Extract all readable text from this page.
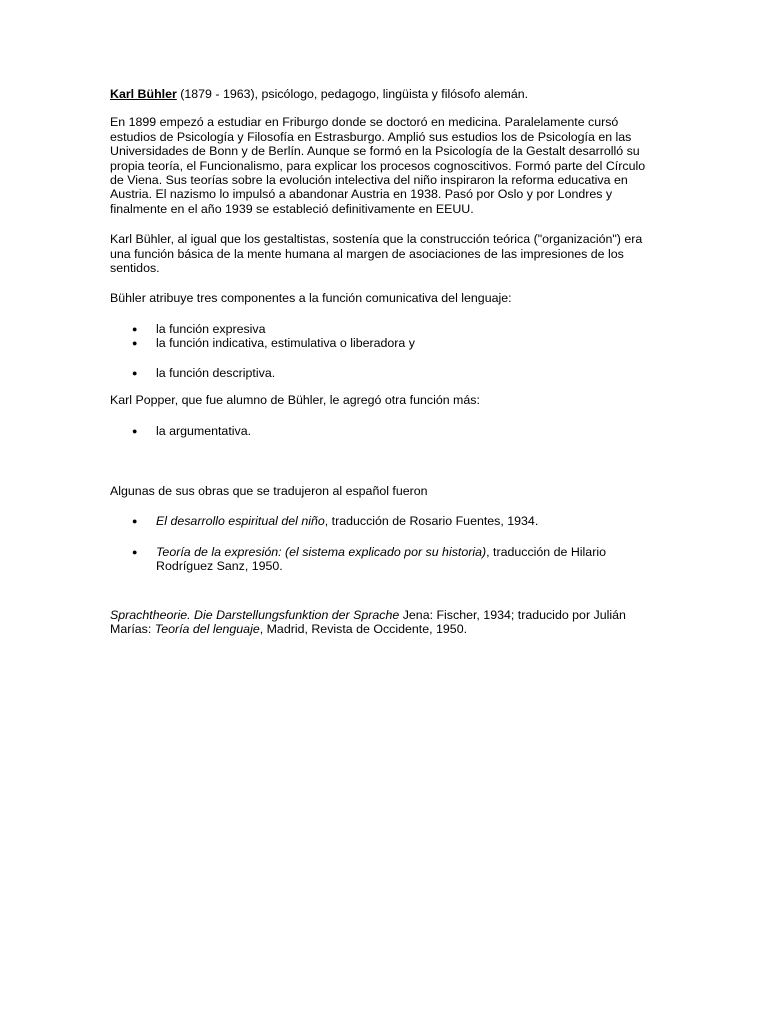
Karl Bühler (1879 - 1963), psicólogo, pedagogo, lingüista y filósofo alemán.

En 1899 empezó a estudiar en Friburgo donde se doctoró en medicina. Paralelamente cursó estudios de Psicología y Filosofía en Estrasburgo. Amplió sus estudios los de Psicología en las Universidades de Bonn y de Berlín. Aunque se formó en la Psicología de la Gestalt desarrolló su propia teoría, el Funcionalismo, para explicar los procesos cognoscitivos. Formó parte del Círculo de Viena. Sus teorías sobre la evolución intelectiva del niño inspiraron la reforma educativa en Austria. El nazismo lo impulsó a abandonar Austria en 1938. Pasó por Oslo y por Londres y finalmente en el año 1939 se estableció definitivamente en EEUU.

Karl Bühler, al igual que los gestaltistas, sostenía que la construcción teórica ("organización") era una función básica de la mente humana al margen de asociaciones de las impresiones de los sentidos.

Bühler atribuye tres componentes a la función comunicativa del lenguaje:

● la función expresiva
● la función indicativa, estimulativa o liberadora y
● la función descriptiva.

Karl Popper, que fue alumno de Bühler, le agregó otra función más:

● la argumentativa.

Algunas de sus obras que se tradujeron al español fueron

● El desarrollo espiritual del niño, traducción de Rosario Fuentes, 1934.
● Teoría de la expresión: (el sistema explicado por su historia), traducción de Hilario Rodríguez Sanz, 1950.

Sprachtheorie. Die Darstellungsfunktion der Sprache Jena: Fischer, 1934; traducido por Julián Marías: Teoría del lenguaje, Madrid, Revista de Occidente, 1950.
